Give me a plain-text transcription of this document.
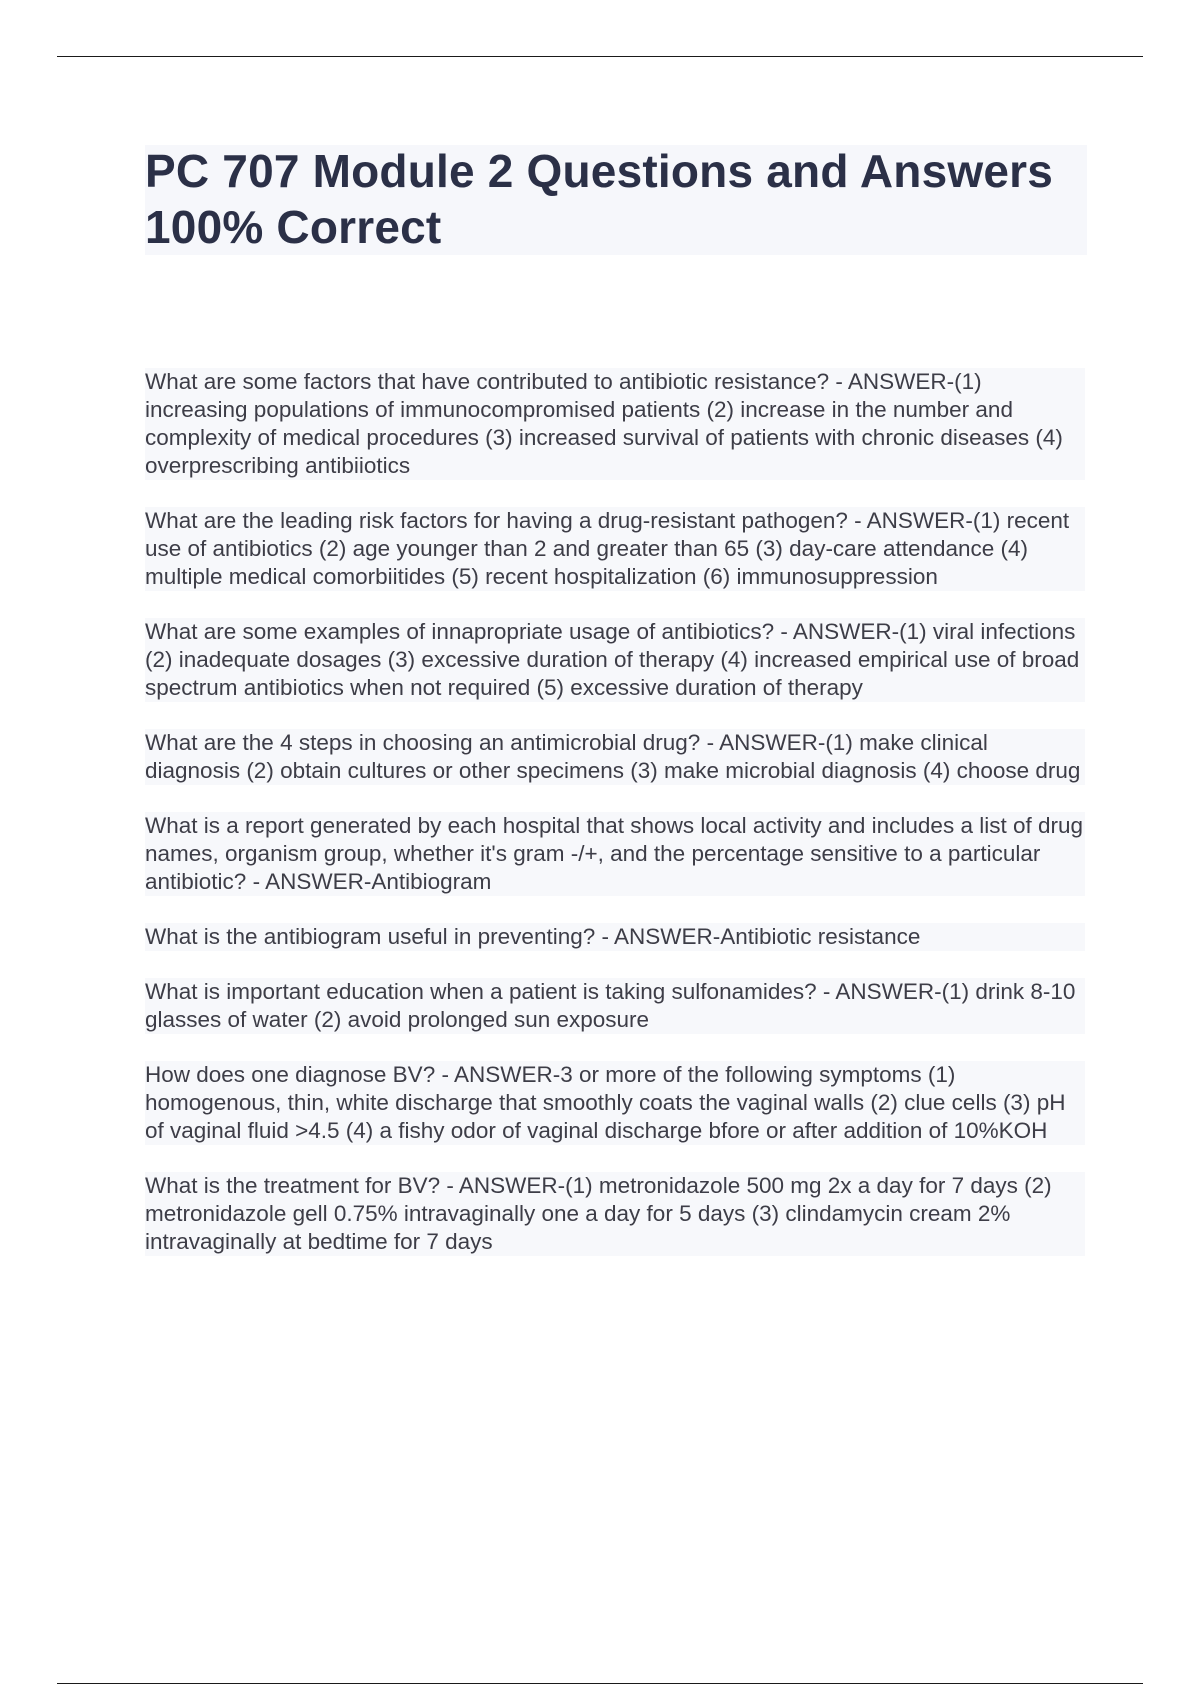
PC 707 Module 2 Questions and Answers 100% Correct

What are some factors that have contributed to antibiotic resistance? - ANSWER-(1) increasing populations of immunocompromised patients (2) increase in the number and complexity of medical procedures (3) increased survival of patients with chronic diseases (4) overprescribing antibiiotics

What are the leading risk factors for having a drug-resistant pathogen? - ANSWER-(1) recent use of antibiotics (2) age younger than 2 and greater than 65 (3) day-care attendance (4) multiple medical comorbiitides (5) recent hospitalization (6) immunosuppression

What are some examples of innapropriate usage of antibiotics? - ANSWER-(1) viral infections (2) inadequate dosages (3) excessive duration of therapy (4) increased empirical use of broad spectrum antibiotics when not required (5) excessive duration of therapy

What are the 4 steps in choosing an antimicrobial drug? - ANSWER-(1) make clinical diagnosis (2) obtain cultures or other specimens (3) make microbial diagnosis (4) choose drug

What is a report generated by each hospital that shows local activity and includes a list of drug names, organism group, whether it's gram -/+, and the percentage sensitive to a particular antibiotic? - ANSWER-Antibiogram

What is the antibiogram useful in preventing? - ANSWER-Antibiotic resistance

What is important education when a patient is taking sulfonamides? - ANSWER-(1) drink 8-10 glasses of water (2) avoid prolonged sun exposure

How does one diagnose BV? - ANSWER-3 or more of the following symptoms (1) homogenous, thin, white discharge that smoothly coats the vaginal walls (2) clue cells (3) pH of vaginal fluid >4.5 (4) a fishy odor of vaginal discharge bfore or after addition of 10%KOH

What is the treatment for BV? - ANSWER-(1) metronidazole 500 mg 2x a day for 7 days (2) metronidazole gell 0.75% intravaginally one a day for 5 days (3) clindamycin cream 2% intravaginally at bedtime for 7 days
